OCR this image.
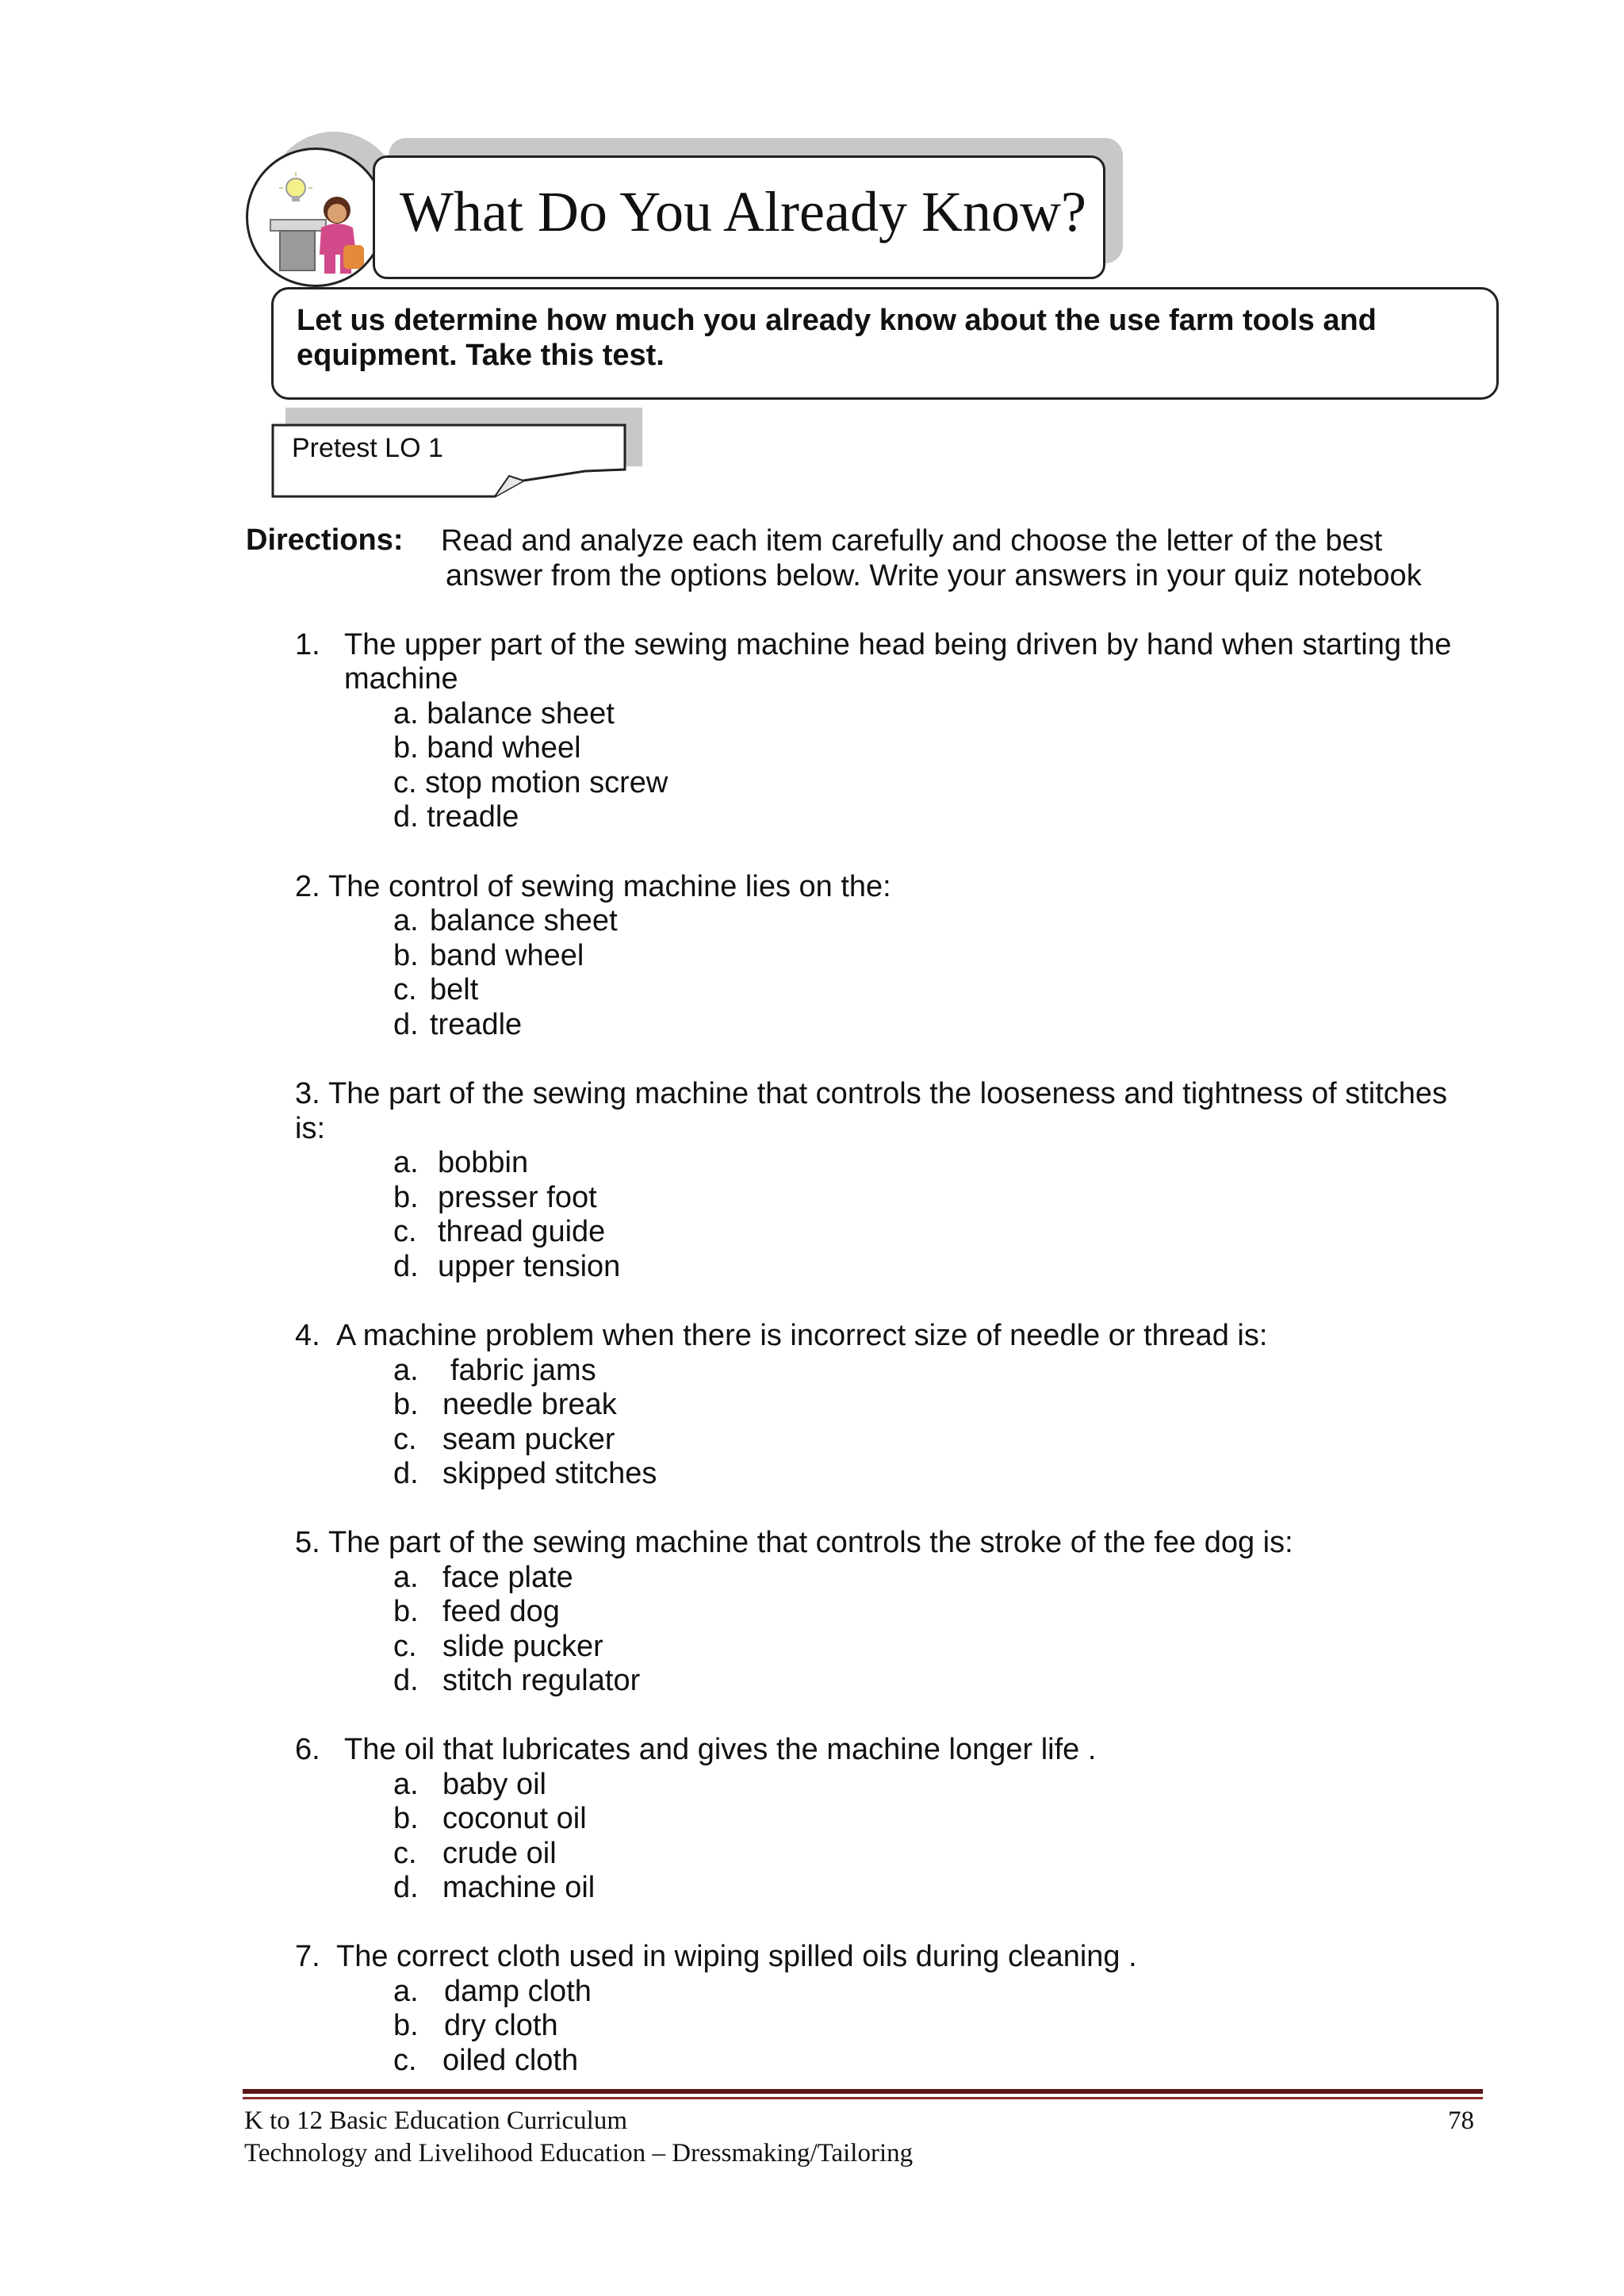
What Do You Already Know?
Let us determine how much you already know about the use farm tools and
equipment. Take this test.
Pretest LO 1
Directions: Read and analyze each item carefully and choose the letter of the best
answer from the options below. Write your answers in your quiz notebook
1. The upper part of the sewing machine head being driven by hand when starting the
machine
a. balance sheet
b. band wheel
c. stop motion screw
d. treadle
2. The control of sewing machine lies on the:
a. balance sheet
b. band wheel
c. belt
d. treadle
3. The part of the sewing machine that controls the looseness and tightness of stitches
is:
a. bobbin
b. presser foot
c. thread guide
d. upper tension
4. A machine problem when there is incorrect size of needle or thread is:
a. fabric jams
b. needle break
c. seam pucker
d. skipped stitches
5. The part of the sewing machine that controls the stroke of the fee dog is:
a. face plate
b. feed dog
c. slide pucker
d. stitch regulator
6. The oil that lubricates and gives the machine longer life .
a. baby oil
b. coconut oil
c. crude oil
d. machine oil
7. The correct cloth used in wiping spilled oils during cleaning .
a. damp cloth
b. dry cloth
c. oiled cloth
K to 12 Basic Education Curriculum
Technology and Livelihood Education – Dressmaking/Tailoring
78
